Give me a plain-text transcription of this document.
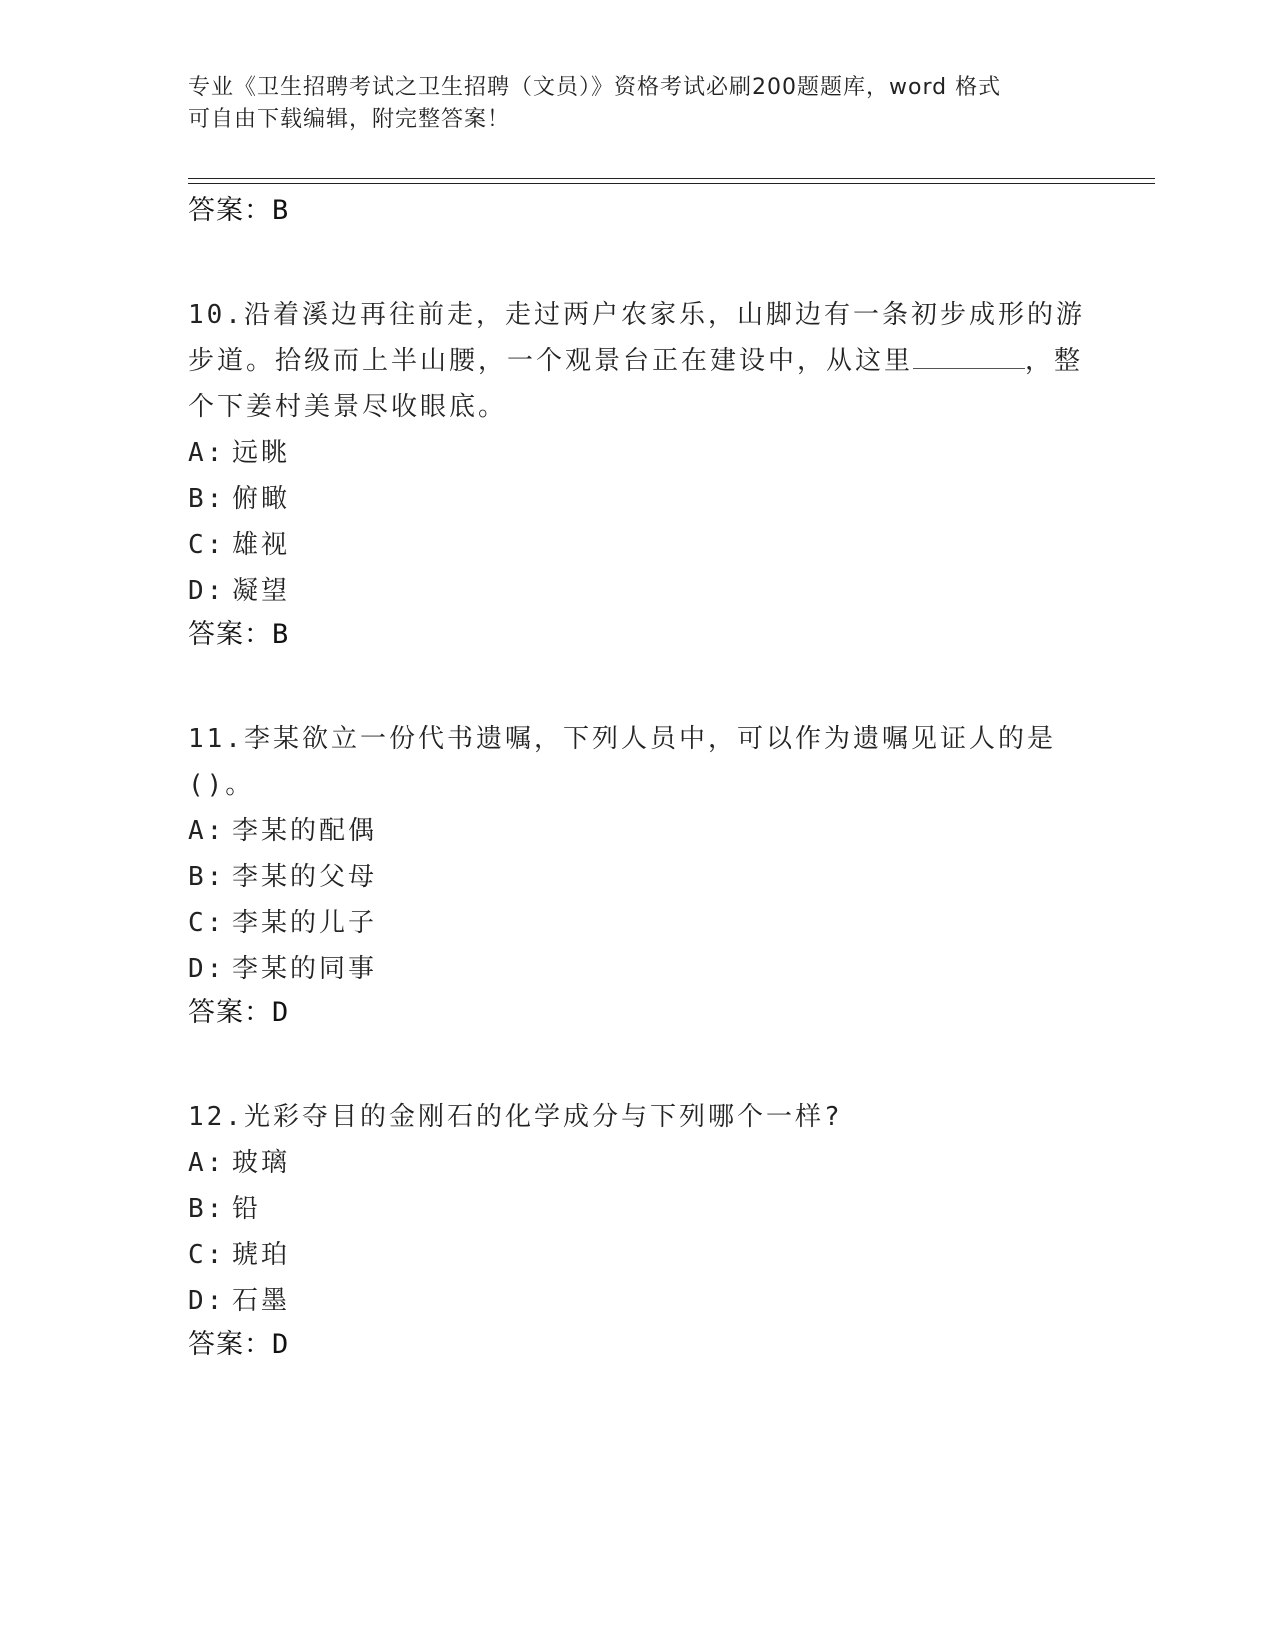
专业《卫生招聘考试之卫生招聘（文员）》资格考试必刷200题题库，word 格式
可自由下载编辑，附完整答案！

答案：B

10.沿着溪边再往前走，走过两户农家乐，山脚边有一条初步成形的游步道。拾级而上半山腰，一个观景台正在建设中，从这里	，整个下姜村美景尽收眼底。

A: 远眺

B: 俯瞰

C: 雄视

D: 凝望

答案：B

11.李某欲立一份代书遗嘱，下列人员中，可以作为遗嘱见证人的是()。

A: 李某的配偶

B: 李某的父母

C: 李某的儿子

D: 李某的同事

答案：D

12.光彩夺目的金刚石的化学成分与下列哪个一样?

A: 玻璃

B: 铅

C: 琥珀

D: 石墨

答案：D
